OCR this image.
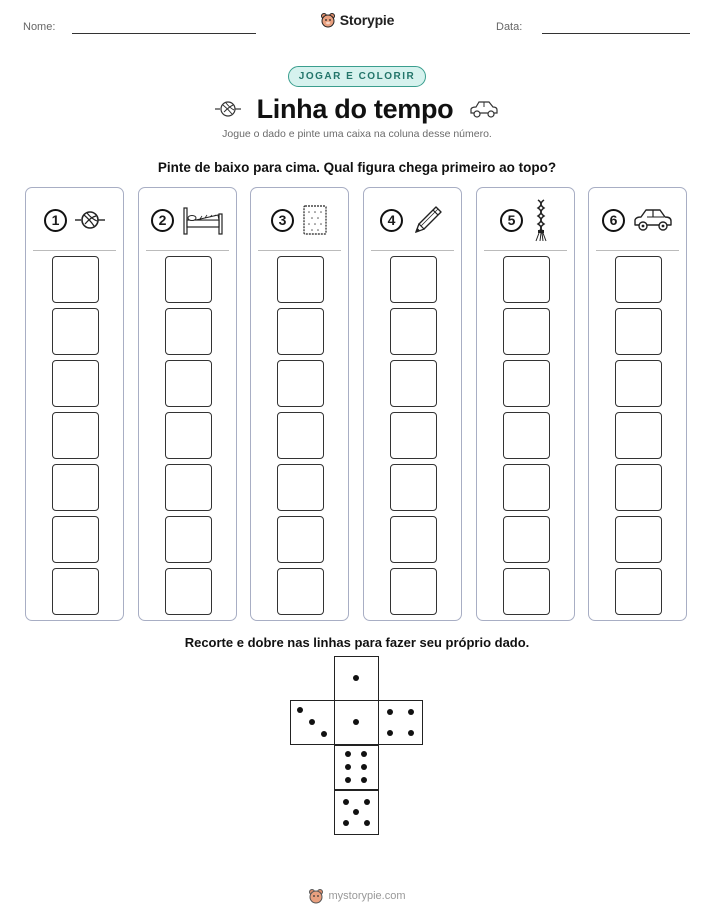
Nome:	Storypie	Data:
JOGAR E COLORIR
Linha do tempo
Jogue o dado e pinte uma caixa na coluna desse número.
Pinte de baixo para cima. Qual figura chega primeiro ao topo?
1	2	3	4	5	6
Recorte e dobre nas linhas para fazer seu próprio dado.
mystorypie.com
